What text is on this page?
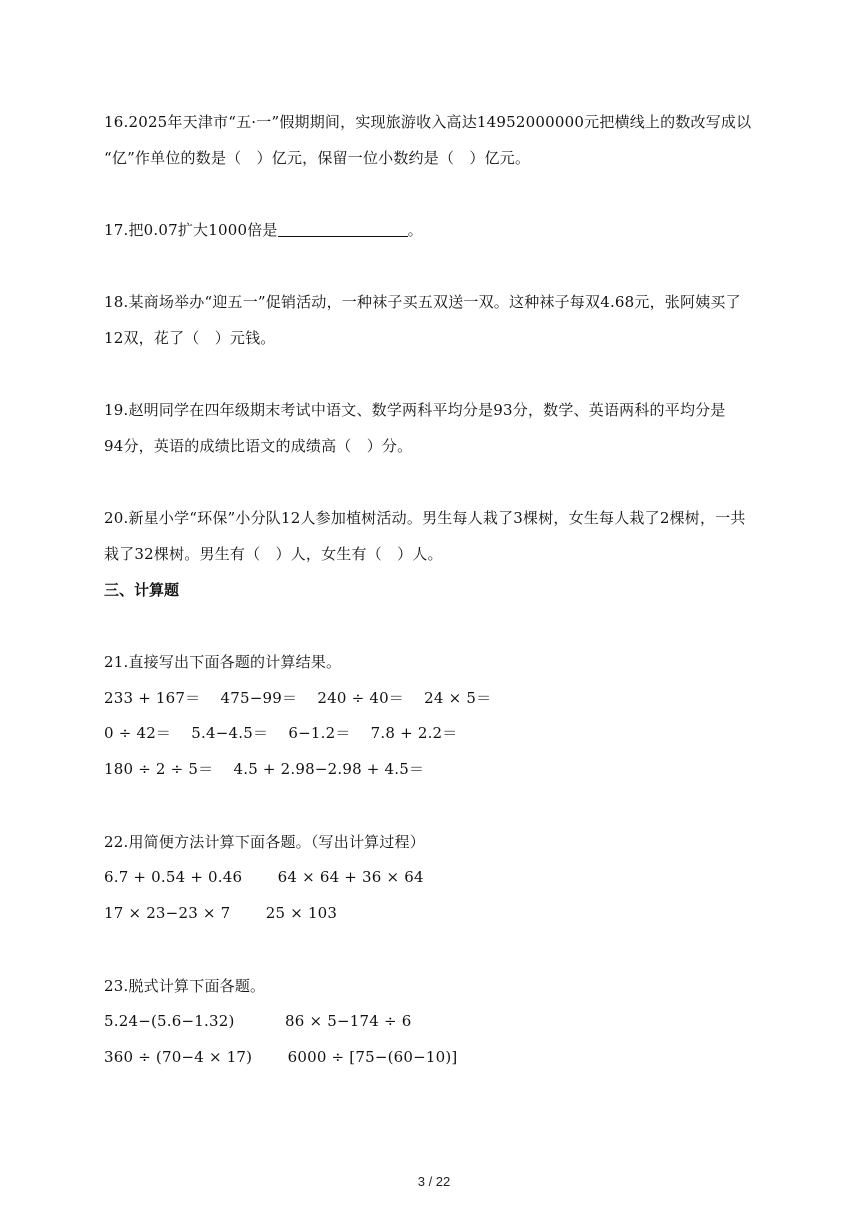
16.2025年天津市“五·一”假期期间，实现旅游收入高达14952000000元把横线上的数改写成以
“亿”作单位的数是（　）亿元，保留一位小数约是（　）亿元。
17.把0.07扩大1000倍是	。
18.某商场举办“迎五一”促销活动，一种袜子买五双送一双。这种袜子每双4.68元，张阿姨买了
12双，花了（　）元钱。
19.赵明同学在四年级期末考试中语文、数学两科平均分是93分，数学、英语两科的平均分是
94分，英语的成绩比语文的成绩高（　）分。
20.新星小学“环保”小分队12人参加植树活动。男生每人栽了3棵树，女生每人栽了2棵树，一共
栽了32棵树。男生有（　）人，女生有（　）人。
三、计算题
21.直接写出下面各题的计算结果。
233 + 167＝　 475−99＝　 240 ÷ 40＝　 24 × 5＝
0 ÷ 42＝　 5.4−4.5＝　 6−1.2＝　 7.8 + 2.2＝
180 ÷ 2 ÷ 5＝　 4.5 + 2.98−2.98 + 4.5＝
22.用简便方法计算下面各题。（写出计算过程）
6.7 + 0.54 + 0.46　　 64 × 64 + 36 × 64
17 × 23−23 × 7　　 25 × 103
23.脱式计算下面各题。
5.24−(5.6−1.32)　　　 86 × 5−174 ÷ 6
360 ÷ (70−4 × 17)　　 6000 ÷ [75−(60−10)]
3 / 22
